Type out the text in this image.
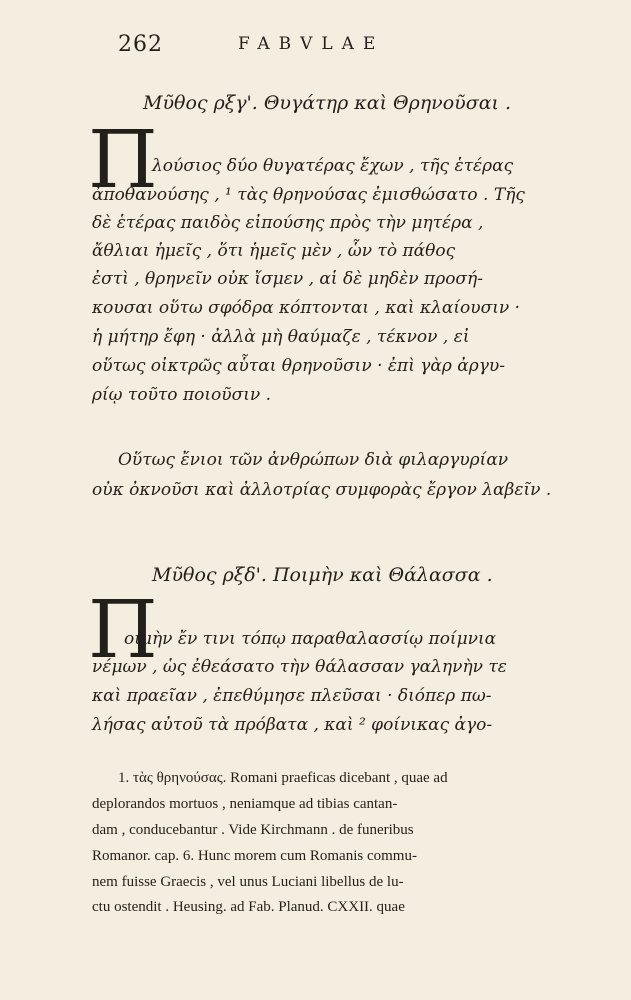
262	FABVLAE
Μῦθος ρξγ'. Θυγάτηρ καὶ Θρηνοῦσαι .
Π
λούσιος δύο θυγατέρας ἔχων , τῆς ἑτέρας
ἀποθανούσης , ¹ τὰς θρηνούσας ἐμισθώσατο . Τῆς
δὲ ἑτέρας παιδὸς εἰπούσης πρὸς τὴν μητέρα ,
ἄθλιαι ἡμεῖς , ὅτι ἡμεῖς μὲν , ὧν τὸ πάθος
ἐστὶ , θρηνεῖν οὐκ ἴσμεν , αἱ δὲ μηδὲν προσή-
κουσαι οὕτω σφόδρα κόπτονται , καὶ κλαίουσιν ·
ἡ μήτηρ ἔφη · ἀλλὰ μὴ θαύμαζε , τέκνον , εἰ
οὕτως οἰκτρῶς αὗται θρηνοῦσιν · ἐπὶ γὰρ ἀργυ-
ρίῳ τοῦτο ποιοῦσιν .
Οὕτως ἔνιοι τῶν ἀνθρώπων διὰ φιλαργυρίαν
οὐκ ὀκνοῦσι καὶ ἀλλοτρίας συμφορὰς ἔργον λαβεῖν .
Μῦθος ρξδ'. Ποιμὴν καὶ Θάλασσα .
Π
οιμὴν ἔν τινι τόπῳ παραθαλασσίῳ ποίμνια
νέμων , ὡς ἐθεάσατο τὴν θάλασσαν γαληνὴν τε
καὶ πραεῖαν , ἐπεθύμησε πλεῦσαι · διόπερ πω-
λήσας αὐτοῦ τὰ πρόβατα , καὶ ² φοίνικας ἀγο-
1. τὰς θρηνούσας. Romani praeficas dicebant , quae ad
deplorandos mortuos , neniamque ad tibias cantan-
dam , conducebantur . Vide Kirchmann . de funeribus
Romanor. cap. 6. Hunc morem cum Romanis commu-
nem fuisse Graecis , vel unus Luciani libellus de lu-
ctu ostendit . Heusing. ad Fab. Planud. CXXII. quae
